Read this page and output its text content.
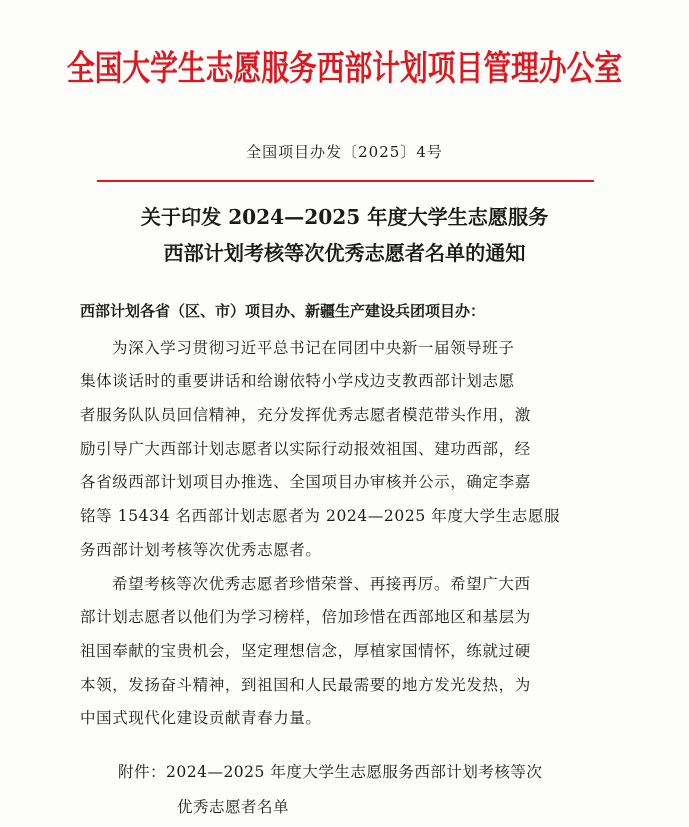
全国大学生志愿服务西部计划项目管理办公室
全国项目办发〔2025〕4号
关于印发 2024—2025 年度大学生志愿服务
西部计划考核等次优秀志愿者名单的通知
西部计划各省（区、市）项目办、新疆生产建设兵团项目办：
为深入学习贯彻习近平总书记在同团中央新一届领导班子
集体谈话时的重要讲话和给谢依特小学戍边支教西部计划志愿
者服务队队员回信精神，充分发挥优秀志愿者模范带头作用，激
励引导广大西部计划志愿者以实际行动报效祖国、建功西部，经
各省级西部计划项目办推选、全国项目办审核并公示，确定李嘉
铭等 15434 名西部计划志愿者为 2024—2025 年度大学生志愿服
务西部计划考核等次优秀志愿者。
希望考核等次优秀志愿者珍惜荣誉、再接再厉。希望广大西
部计划志愿者以他们为学习榜样，倍加珍惜在西部地区和基层为
祖国奉献的宝贵机会，坚定理想信念，厚植家国情怀，练就过硬
本领，发扬奋斗精神，到祖国和人民最需要的地方发光发热，为
中国式现代化建设贡献青春力量。
附件：2024—2025 年度大学生志愿服务西部计划考核等次
优秀志愿者名单
